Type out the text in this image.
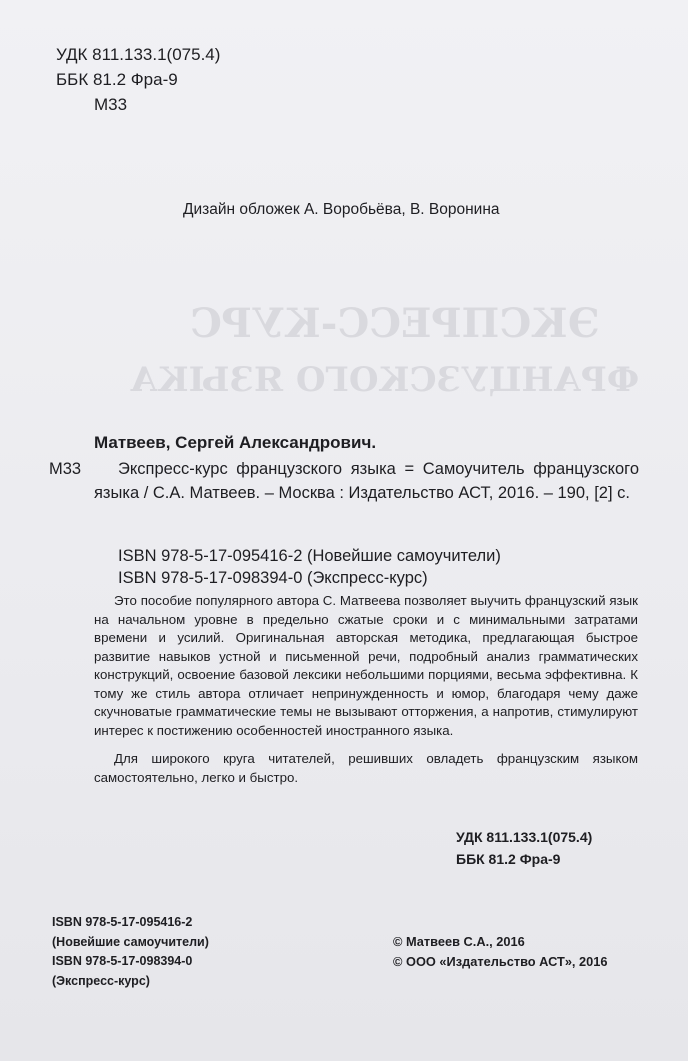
ЭКСПРЕСС-КУРС
ФРАНЦУЗСКОГО ЯЗЫКА
УДК 811.133.1(075.4)
ББК 81.2 Фра-9
М33
Дизайн обложек А. Воробьёва, В. Воронина
Матвеев, Сергей Александрович.
М33	Экспресс-курс французского языка = Самоучитель французского языка / С.А. Матвеев. – Москва : Издательство АСТ, 2016. – 190, [2] с.
ISBN 978-5-17-095416-2 (Новейшие самоучители)
ISBN 978-5-17-098394-0 (Экспресс-курс)

Это пособие популярного автора С. Матвеева позволяет выучить французский язык на начальном уровне в предельно сжатые сроки и с минимальными затратами времени и усилий. Оригинальная авторская методика, предлагающая быстрое развитие навыков устной и письменной речи, подробный анализ грамматических конструкций, освоение базовой лексики небольшими порциями, весьма эффективна. К тому же стиль автора отличает непринужденность и юмор, благодаря чему даже скучноватые грамматические темы не вызывают отторжения, а напротив, стимулируют интерес к постижению особенностей иностранного языка.

Для широкого круга читателей, решивших овладеть французским языком самостоятельно, легко и быстро.

УДК 811.133.1(075.4)
ББК 81.2 Фра-9
ISBN 978-5-17-095416-2
(Новейшие самоучители)
ISBN 978-5-17-098394-0
(Экспресс-курс)
© Матвеев С.А., 2016
© ООО «Издательство АСТ», 2016
